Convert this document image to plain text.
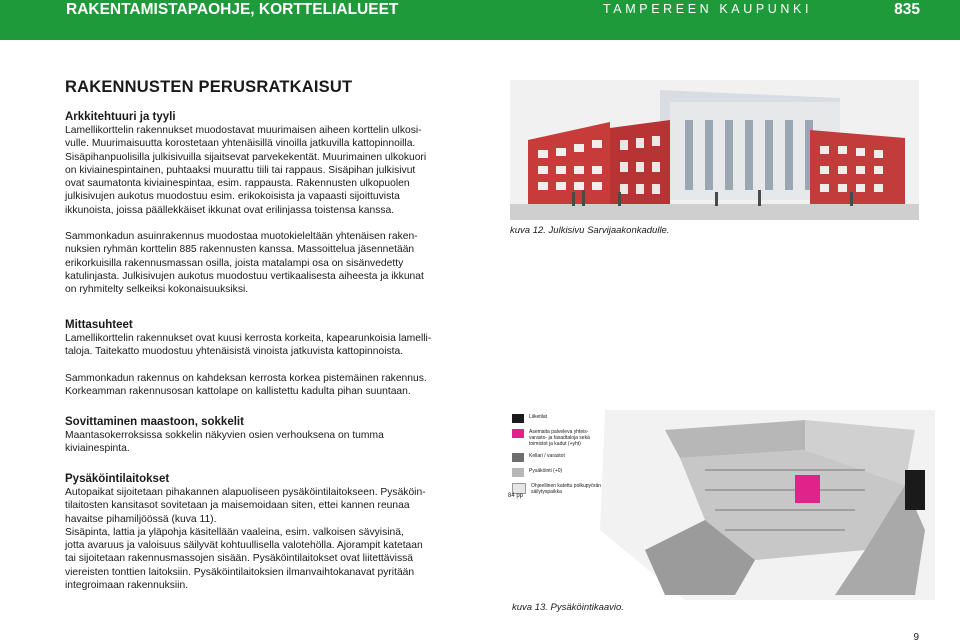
RAKENTAMISTAPAOHJE, KORTTELIALUEET	TAMPEREEN KAUPUNKI	835
RAKENNUSTEN PERUSRATKAISUT
Arkkitehtuuri ja tyyli

Lamellikorttelin rakennukset muodostavat muurimaisen aiheen korttelin ulkosi-
vulle. Muurimaisuutta korostetaan yhtenäisillä vinoilla jatkuvilla kattopinnoilla.
Sisäpihanpuolisilla julkisivuilla sijaitsevat parvekekentät. Muurimainen ulkokuori
on kiviainespintainen, puhtaaksi muurattu tiili tai rappaus. Sisäpihan julkisivut
ovat saumatonta kiviainespintaa, esim. rappausta. Rakennusten ulkopuolen
julkisivujen aukotus muodostuu esim. erikokoisista ja vapaasti sijoittuvista
ikkunoista, joissa päällekkäiset ikkunat ovat erilinjassa toistensa kanssa.

Sammonkadun asuinrakennus muodostaa muotokieleltään yhtenäisen raken-
nuksien ryhmän korttelin 885 rakennusten kanssa. Massoittelua jäsennetään
erikorkuisilla rakennusmassan osilla, joista matalampi osa on sisänvedetty
katulinjasta. Julkisivujen aukotus muodostuu vertikaalisesta aiheesta ja ikkunat
on ryhmitelty selkeiksi kokonaisuuksiksi.

Mittasuhteet

Lamellikorttelin rakennukset ovat kuusi kerrosta korkeita, kapearunkoisia lamelli-
taloja. Taitekatto muodostuu yhtenäisistä vinoista jatkuvista kattopinnoista.

Sammonkadun rakennus on kahdeksan kerrosta korkea pistemäinen rakennus.
Korkeamman rakennusosan kattolape on kallistettu kadulta pihan suuntaan.

Sovittaminen maastoon, sokkelit

Maantasokerroksissa sokkelin näkyvien osien verhouksena on tumma
kiviainespinta.

Pysäköintilaitokset

Autopaikat sijoitetaan pihakannen alapuoliseen pysäköintilaitokseen. Pysäköin-
tilaitosten kansitasot sovitetaan ja maisemoidaan siten, ettei kannen reunaa
havaitse pihamiljöössä (kuva 11).
Sisäpinta, lattia ja yläpohja käsitellään vaaleina, esim. valkoisen sävyisinä,
jotta avaruus ja valoisuus säilyvät kohtuullisella valotehölla. Ajorampit katetaan
tai sijoitetaan rakennusmassojen sisään. Pysäköintilaitokset ovat liitettävissä
viereisten tonttien laitoksiin. Pysäköintilaitoksien ilmanvaihtokanavat pyritään
integroimaan rakennuksiin.

kuva 12. Julkisivu Sarvijaakonkadulle.
Liiketilat
Asemaita palveleva yhteis-
varasto- ja fasadtaloja sekä
toimistot ja kadut (+yht)
Kellari / varastot
Pysäköinti (+0)
Ohjeellinen katettu polkupyörän
säilytyspaikka
84 pp
kuva 13. Pysäköintikaavio.
9
